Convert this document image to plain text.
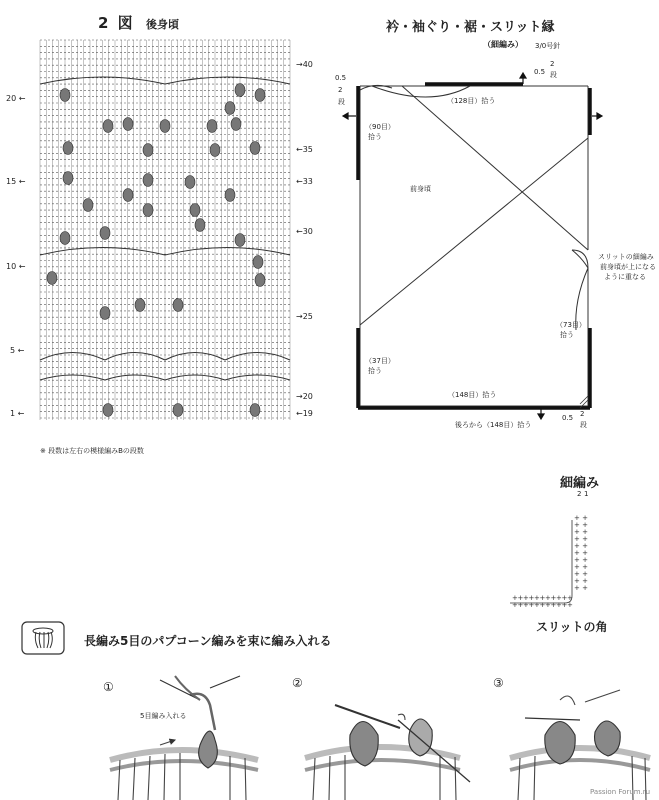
+ +
+ +
+ +
+ +
+ +
+ +
+ +
+ +
+ +
+ +
+ +
+
+
+
+
+
+
+
+
+
+
+
+
+
+
+
+
+
+
+
+
+
+
2 図 後身頃
20 ←
15 ←
10 ←
5 ←
1 ←
→40
←35
←33
←30
→25
→20
←19
※ 段数は左右の模様編みBの段数
衿・袖ぐり・裾・スリット縁
（細編み） 3/0号針
（128目）拾う
0.5
2
段
0.5
2
段
（90目）
拾う
前身頃
（37目）
拾う
（73目）
拾う
（148目）拾う
後ろから（148目）拾う
0.5 2
段
スリットの細編み
前身頃が上になる
ように重なる
細編み
2 1
スリットの角
長編み5目のパプコーン編みを束に編み入れる
①	②	③
5目編み入れる
Passion Forum.ru
